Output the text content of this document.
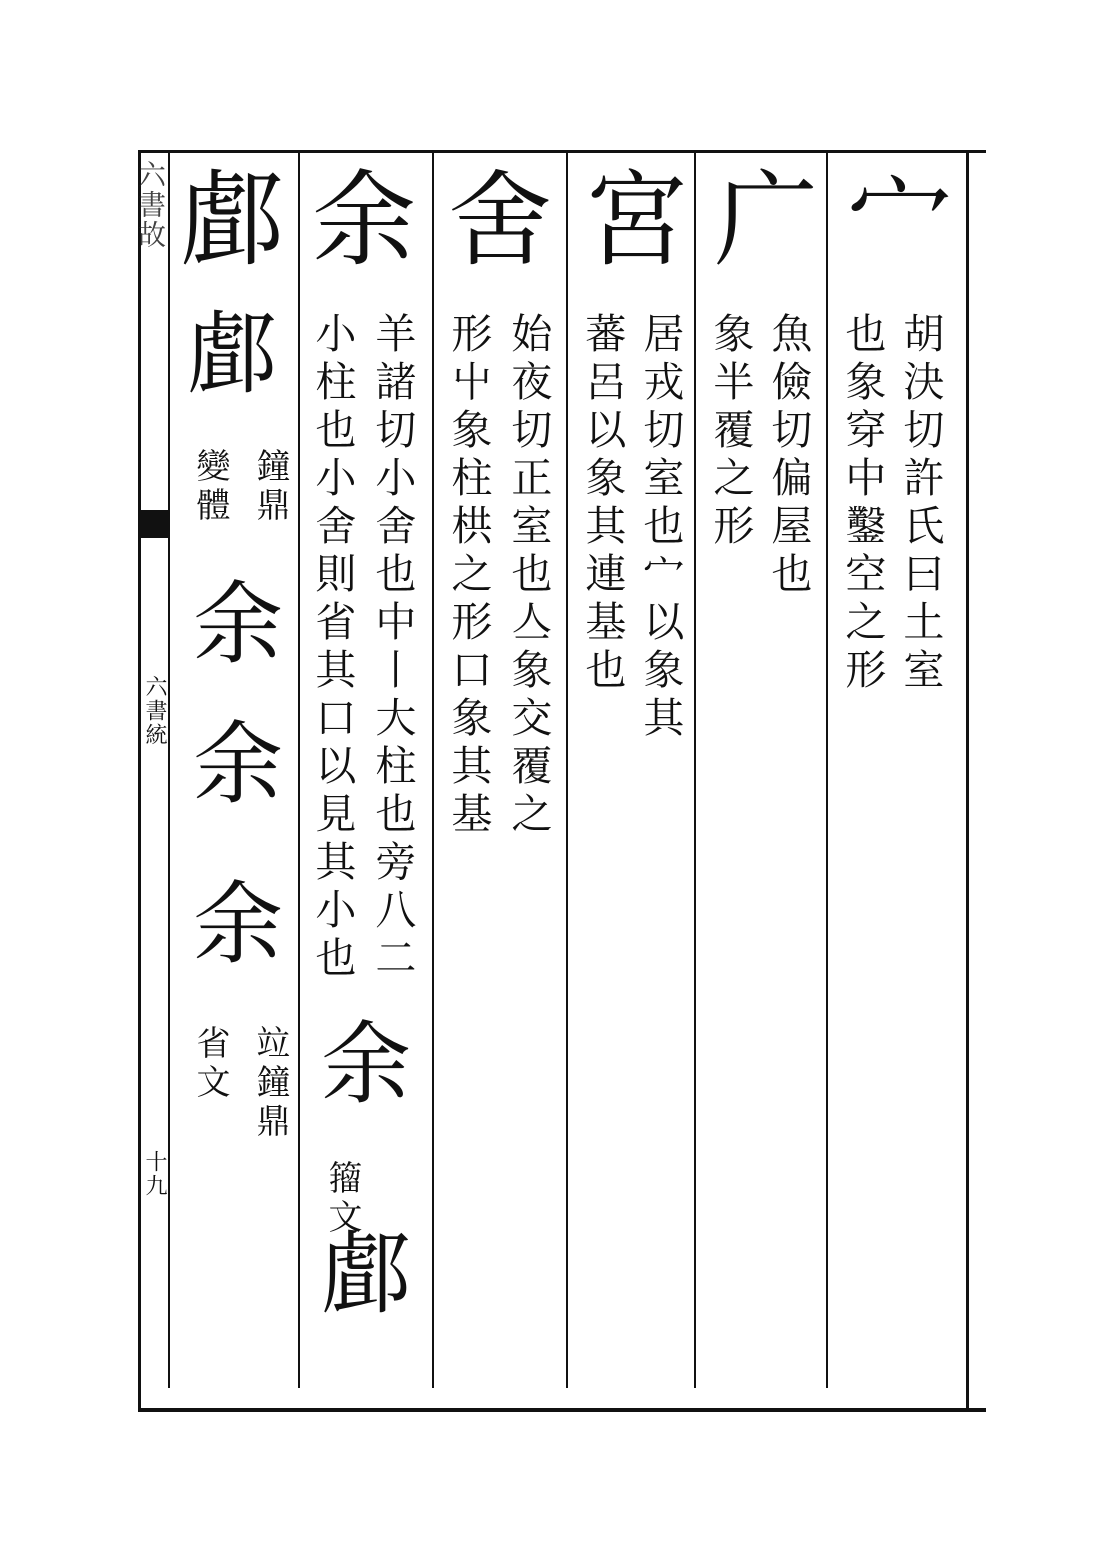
六書故
六書統
十九
宀
胡決切許氏曰土室
也象穿中鑿空之形
广
魚儉切偏屋也
象半覆之形
宮
居戎切室也宀以象其
蕃呂以象其連基也
舍
始夜切正室也亼象交覆之
形屮象柱栱之形口象其基
余
羊諸切小舍也中丨大柱也旁八二
小柱也小舍則省其口以見其小也
余
籀文
䣜
䣜
䣜
鐘鼎
變體
余
余
余
竝鐘鼎
省文
